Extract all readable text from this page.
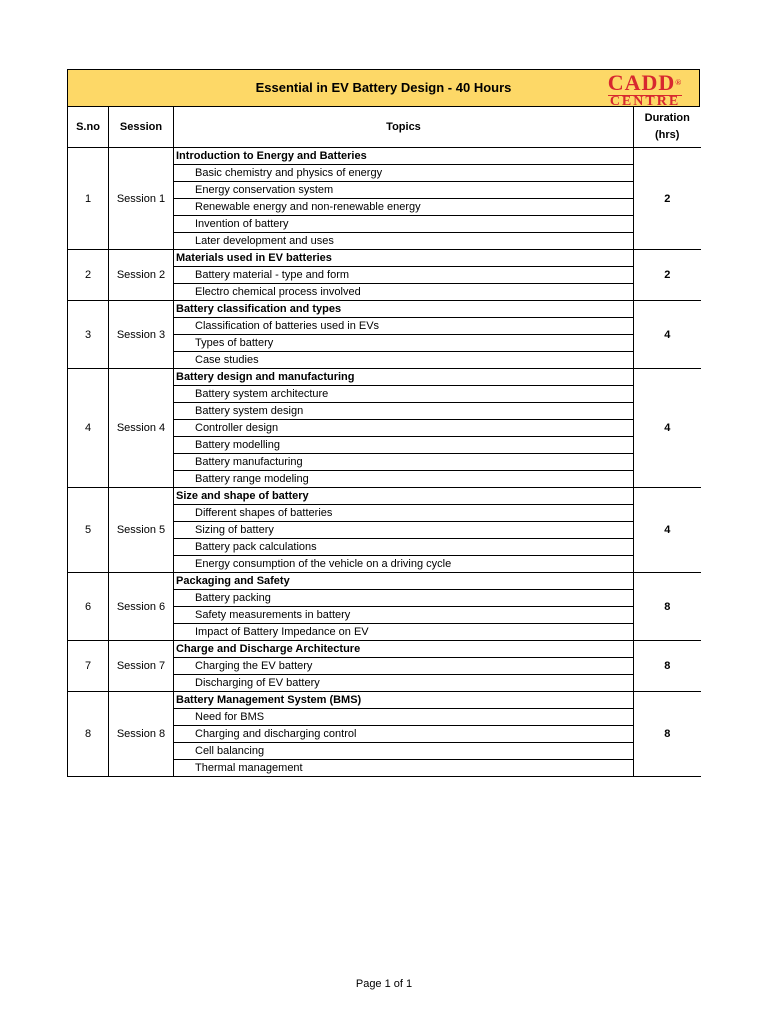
Essential in EV Battery Design - 40 Hours	CADD®
CENTRE
S.no	Session	Topics	Duration
(hrs)

1	Session 1	Introduction to Energy and Batteries	2
		Basic chemistry and physics of energy	
		Energy conservation system	
		Renewable energy and non-renewable energy	
		Invention of battery	
		Later development and uses	
2	Session 2	Materials used in EV batteries	2
		Battery material - type and form	
		Electro chemical process involved	
3	Session 3	Battery classification and types	4
		Classification of batteries used in EVs	
		Types of battery	
		Case studies	
4	Session 4	Battery design and manufacturing	4
		Battery system architecture	
		Battery system design	
		Controller design	
		Battery modelling	
		Battery manufacturing	
		Battery range modeling	
5	Session 5	Size and shape of battery	4
		Different shapes of batteries	
		Sizing of battery	
		Battery pack calculations	
		Energy consumption of the vehicle on a driving cycle	
6	Session 6	Packaging and Safety	8
		Battery packing	
		Safety measurements in battery	
		Impact of Battery Impedance on EV	
7	Session 7	Charge and Discharge Architecture	8
		Charging the EV battery	
		Discharging of EV battery	
8	Session 8	Battery Management System (BMS)	8
		Need for BMS	
		Charging and discharging control	
		Cell balancing	
		Thermal management	
Page 1 of 1
